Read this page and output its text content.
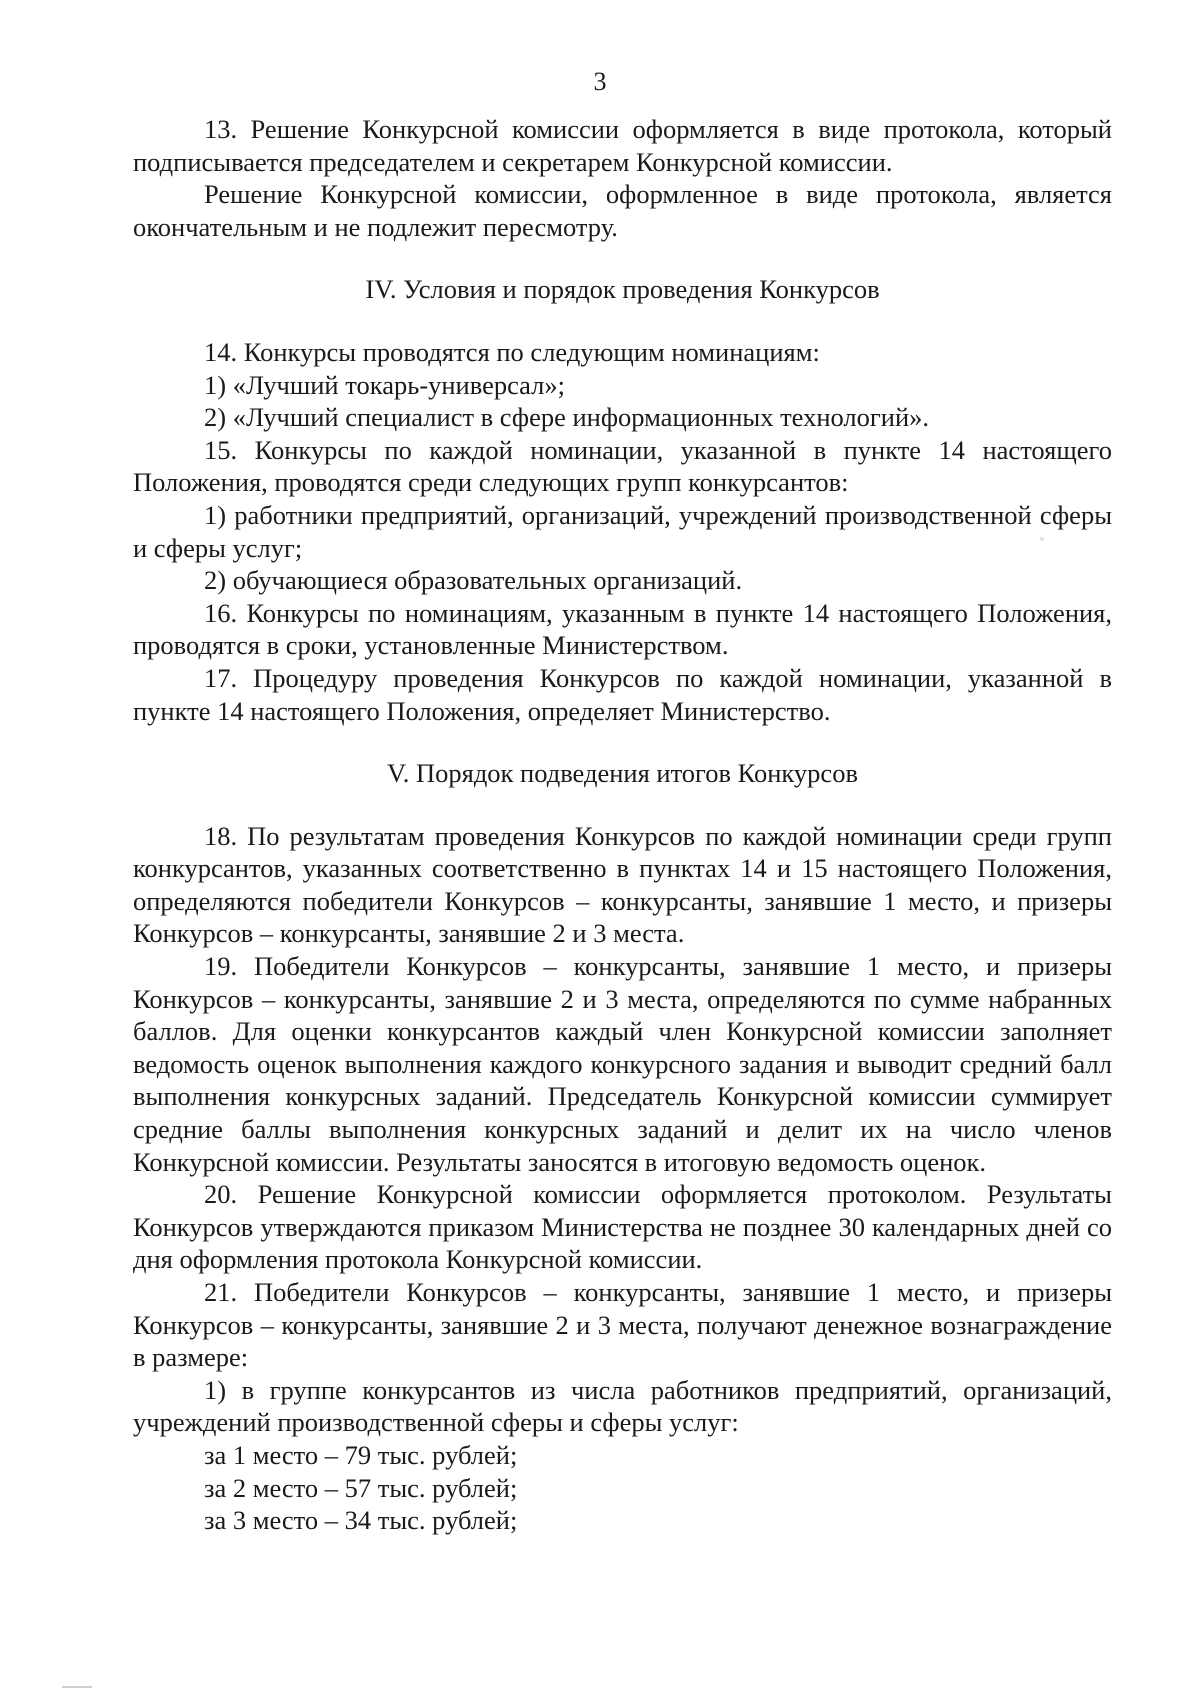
3

13. Решение Конкурсной комиссии оформляется в виде протокола, который подписывается председателем и секретарем Конкурсной комиссии.

Решение Конкурсной комиссии, оформленное в виде протокола, является окончательным и не подлежит пересмотру.

IV. Условия и порядок проведения Конкурсов

14. Конкурсы проводятся по следующим номинациям:

1) «Лучший токарь-универсал»;

2) «Лучший специалист в сфере информационных технологий».

15. Конкурсы по каждой номинации, указанной в пункте 14 настоящего Положения, проводятся среди следующих групп конкурсантов:

1) работники предприятий, организаций, учреждений производственной сферы и сферы услуг;

2) обучающиеся образовательных организаций.

16. Конкурсы по номинациям, указанным в пункте 14 настоящего Положения, проводятся в сроки, установленные Министерством.

17. Процедуру проведения Конкурсов по каждой номинации, указанной в пункте 14 настоящего Положения, определяет Министерство.

V. Порядок подведения итогов Конкурсов

18. По результатам проведения Конкурсов по каждой номинации среди групп конкурсантов, указанных соответственно в пунктах 14 и 15 настоящего Положения, определяются победители Конкурсов – конкурсанты, занявшие 1 место, и призеры Конкурсов – конкурсанты, занявшие 2 и 3 места.

19. Победители Конкурсов – конкурсанты, занявшие 1 место, и призеры Конкурсов – конкурсанты, занявшие 2 и 3 места, определяются по сумме набранных баллов. Для оценки конкурсантов каждый член Конкурсной комиссии заполняет ведомость оценок выполнения каждого конкурсного задания и выводит средний балл выполнения конкурсных заданий. Председатель Конкурсной комиссии суммирует средние баллы выполнения конкурсных заданий и делит их на число членов Конкурсной комиссии. Результаты заносятся в итоговую ведомость оценок.

20. Решение Конкурсной комиссии оформляется протоколом. Результаты Конкурсов утверждаются приказом Министерства не позднее 30 календарных дней со дня оформления протокола Конкурсной комиссии.

21. Победители Конкурсов – конкурсанты, занявшие 1 место, и призеры Конкурсов – конкурсанты, занявшие 2 и 3 места, получают денежное вознаграждение в размере:

1) в группе конкурсантов из числа работников предприятий, организаций, учреждений производственной сферы и сферы услуг:

за 1 место – 79 тыс. рублей;

за 2 место – 57 тыс. рублей;

за 3 место – 34 тыс. рублей;
